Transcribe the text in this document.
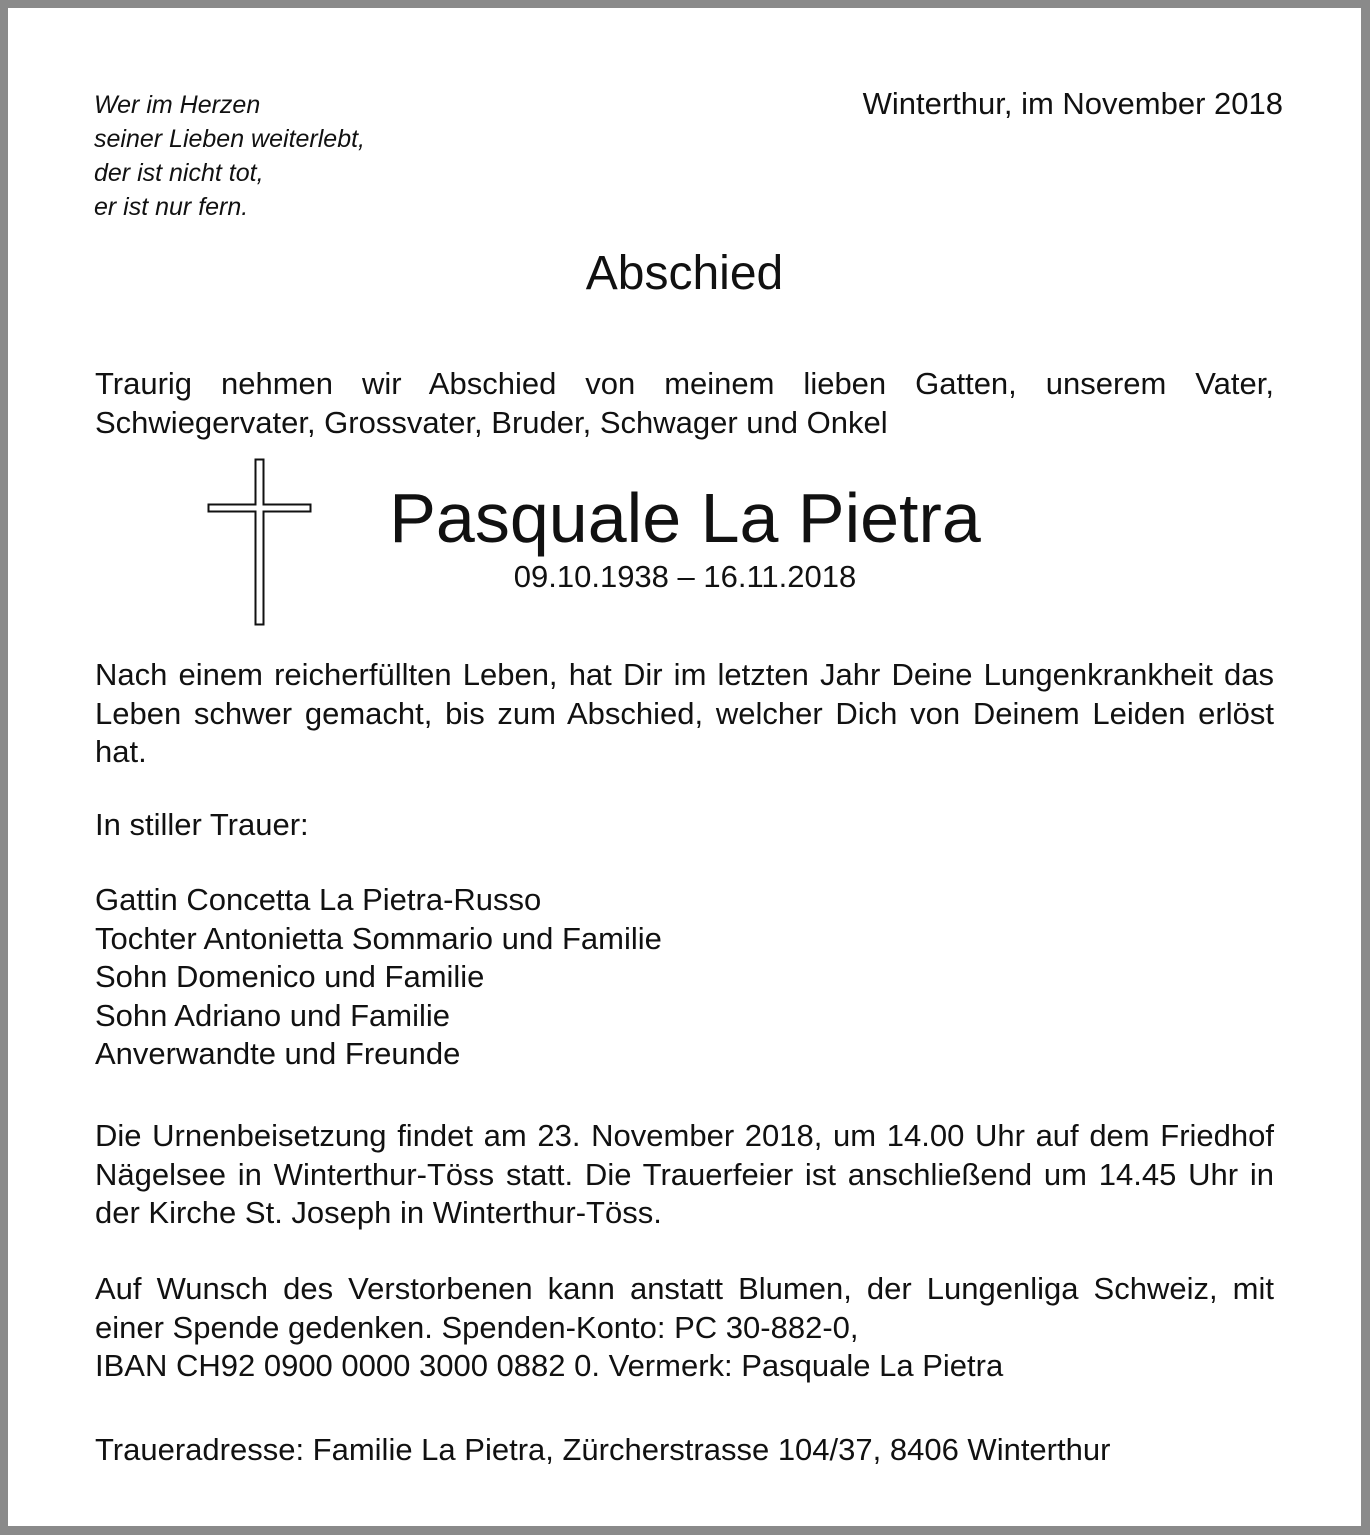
Wer im Herzen
seiner Lieben weiterlebt,
der ist nicht tot,
er ist nur fern.
Winterthur, im November 2018
Abschied
Traurig nehmen wir Abschied von meinem lieben Gatten, unserem Vater, Schwiegervater, Grossvater, Bruder, Schwager und Onkel
Pasquale La Pietra
09.10.1938 – 16.11.2018
Nach einem reicherfüllten Leben, hat Dir im letzten Jahr Deine Lungenkrankheit das Leben schwer gemacht, bis zum Abschied, welcher Dich von Deinem Leiden erlöst hat.
In stiller Trauer:
Gattin Concetta La Pietra-Russo
Tochter Antonietta Sommario und Familie
Sohn Domenico und Familie
Sohn Adriano und Familie
Anverwandte und Freunde
Die Urnenbeisetzung findet am 23. November 2018, um 14.00 Uhr auf dem Friedhof Nägelsee in Winterthur-Töss statt. Die Trauerfeier ist anschließend um 14.45 Uhr in der Kirche St. Joseph in Winterthur-Töss.
Auf Wunsch des Verstorbenen kann anstatt Blumen, der Lungenliga Schweiz, mit einer Spende gedenken. Spenden-Konto: PC 30-882-0,
IBAN CH92 0900 0000 3000 0882 0. Vermerk: Pasquale La Pietra
Traueradresse: Familie La Pietra, Zürcherstrasse 104/37, 8406 Winterthur
